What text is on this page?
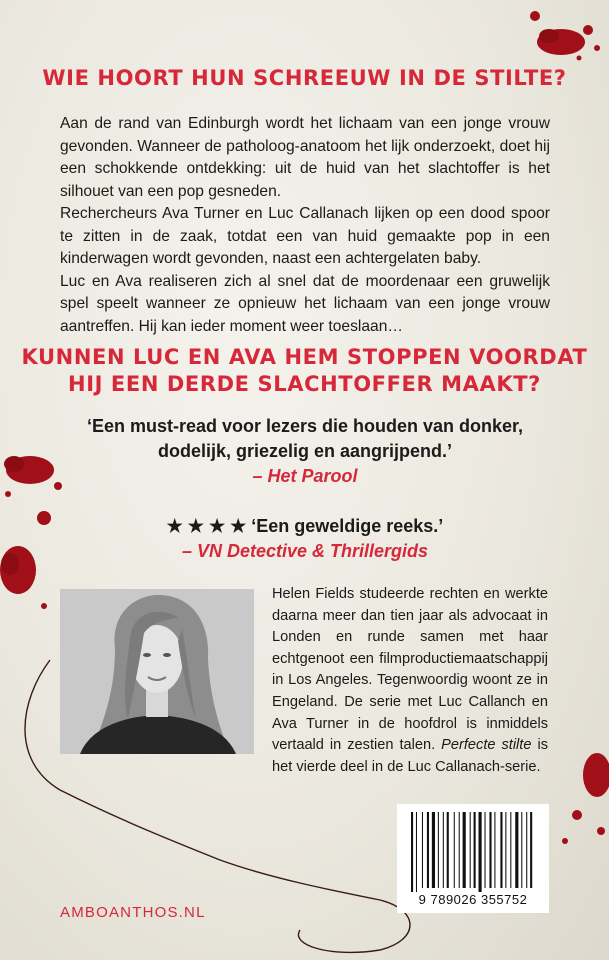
WIE HOORT HUN SCHREEUW IN DE STILTE?

Aan de rand van Edinburgh wordt het lichaam van een jonge vrouw gevonden. Wanneer de patholoog-anatoom het lijk onderzoekt, doet hij een schokkende ontdekking: uit de huid van het slachtoffer is het silhouet van een pop gesneden.

Rechercheurs Ava Turner en Luc Callanach lijken op een dood spoor te zitten in de zaak, totdat een van huid gemaakte pop in een kinderwagen wordt gevonden, naast een achtergelaten baby.

Luc en Ava realiseren zich al snel dat de moordenaar een gruwelijk spel speelt wanneer ze opnieuw het lichaam van een jonge vrouw aantreffen. Hij kan ieder moment weer toeslaan…

KUNNEN LUC EN AVA HEM STOPPEN VOORDAT
HIJ EEN DERDE SLACHTOFFER MAAKT?
‘Een must-read voor lezers die houden van donker,
dodelijk, griezelig en aangrijpend.’
– Het Parool
★ ★ ★ ★ ‘Een geweldige reeks.’
– VN Detective & Thrillergids
Helen Fields studeerde rechten en werkte daarna meer dan tien jaar als advocaat in Londen en runde samen met haar echtgenoot een filmproductiemaatschappij in Los Angeles. Tegenwoordig woont ze in Engeland. De serie met Luc Callanch en Ava Turner in de hoofdrol is inmiddels vertaald in zestien talen. Perfecte stilte is het vierde deel in de Luc Callanach-serie.
9 789026 355752
AMBOANTHOS.NL
